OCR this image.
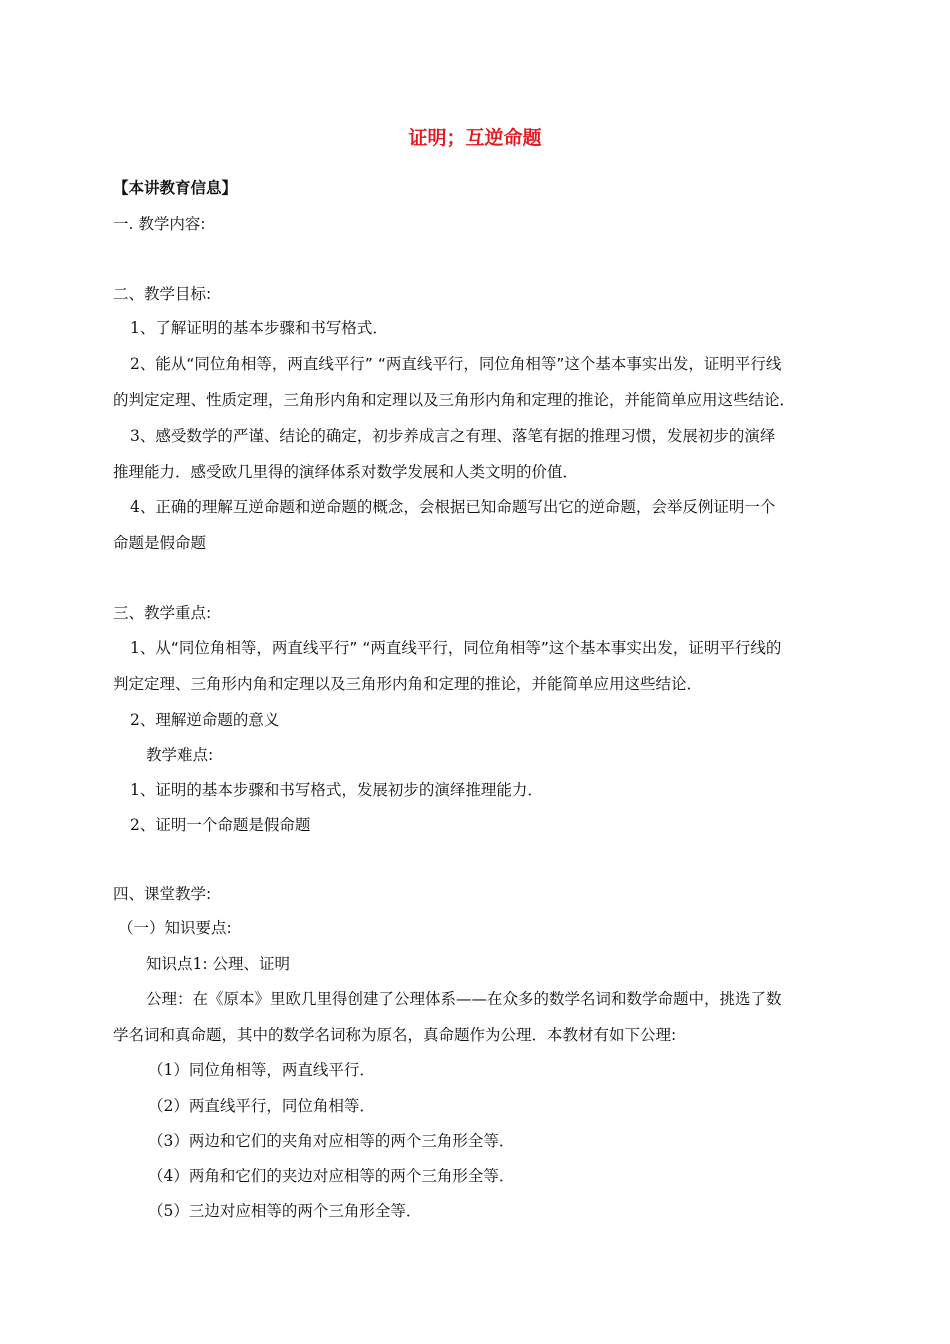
证明；互逆命题
【本讲教育信息】
一. 教学内容:
二、教学目标:
1、了解证明的基本步骤和书写格式．
2、能从“同位角相等，两直线平行” “两直线平行，同位角相等”这个基本事实出发，证明平行线
的判定定理、性质定理，三角形内角和定理以及三角形内角和定理的推论，并能简单应用这些结论．
3、感受数学的严谨、结论的确定，初步养成言之有理、落笔有据的推理习惯，发展初步的演绎
推理能力．感受欧几里得的演绎体系对数学发展和人类文明的价值．
4、正确的理解互逆命题和逆命题的概念，会根据已知命题写出它的逆命题，会举反例证明一个
命题是假命题
三、教学重点:
1、从“同位角相等，两直线平行” “两直线平行，同位角相等”这个基本事实出发，证明平行线的
判定定理、三角形内角和定理以及三角形内角和定理的推论，并能简单应用这些结论．
2、理解逆命题的意义
教学难点:
1、证明的基本步骤和书写格式，发展初步的演绎推理能力．
2、证明一个命题是假命题
四、课堂教学:
（一）知识要点:
知识点1: 公理、证明
公理：在《原本》里欧几里得创建了公理体系——在众多的数学名词和数学命题中，挑选了数
学名词和真命题，其中的数学名词称为原名，真命题作为公理．本教材有如下公理:
（1）同位角相等，两直线平行．
（2）两直线平行，同位角相等．
（3）两边和它们的夹角对应相等的两个三角形全等．
（4）两角和它们的夹边对应相等的两个三角形全等．
（5）三边对应相等的两个三角形全等．
